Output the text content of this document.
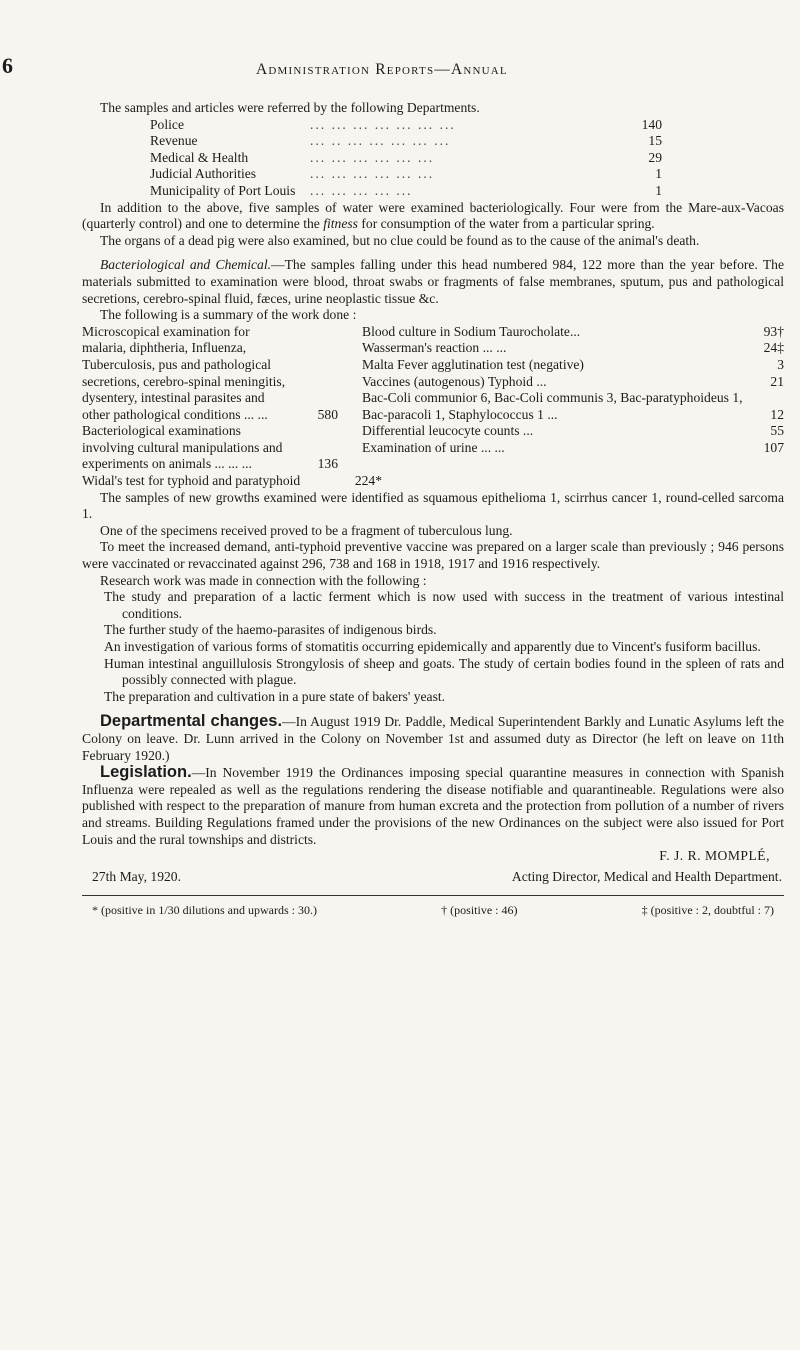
6	Administration Reports—Annual

The samples and articles were referred by the following Departments.

Police	... ... ... ... ... ... ...	140
Revenue	... .. ... ... ... ... ...	15
Medical & Health	... ... ... ... ... ...	29
Judicial Authorities	... ... ... ... ... ...	1
Municipality of Port Louis	... ... ... ... ...	1

In addition to the above, five samples of water were examined bacteriologically. Four were from the Mare-aux-Vacoas (quarterly control) and one to determine the fitness for consumption of the water from a particular spring.

The organs of a dead pig were also examined, but no clue could be found as to the cause of the animal's death.

Bacteriological and Chemical.—The samples falling under this head numbered 984, 122 more than the year before. The materials submitted to examination were blood, throat swabs or fragments of false membranes, sputum, pus and pathological secretions, cerebro-spinal fluid, fæces, urine neoplastic tissue &c.

The following is a summary of the work done :
Microscopical examination for malaria, diphtheria, Influenza, Tuberculosis, pus and pathological secretions, cerebro-spinal meningitis, dysentery, intestinal parasites and other pathological conditions ... ...	580
Bacteriological examinations involving cultural manipulations and experiments on animals ... ... ...	136
Widal's test for typhoid and paratyphoid	224*
Blood culture in Sodium Taurocholate...	93†
Wasserman's reaction ... ...	24‡
Malta Fever agglutination test (negative)	3
Vaccines (autogenous) Typhoid ...	21
Bac-Coli communior 6, Bac-Coli communis 3, Bac-paratyphoideus 1, Bac-paracoli 1, Staphylococcus 1 ...	12
Differential leucocyte counts ...	55
Examination of urine ... ...	107

The samples of new growths examined were identified as squamous epithelioma 1, scirrhus cancer 1, round-celled sarcoma 1.

One of the specimens received proved to be a fragment of tuberculous lung.

To meet the increased demand, anti-typhoid preventive vaccine was prepared on a larger scale than previously ; 946 persons were vaccinated or revaccinated against 296, 738 and 168 in 1918, 1917 and 1916 respectively.

Research work was made in connection with the following :

The study and preparation of a lactic ferment which is now used with success in the treatment of various intestinal conditions.

The further study of the haemo-parasites of indigenous birds.

An investigation of various forms of stomatitis occurring epidemically and apparently due to Vincent's fusiform bacillus.

Human intestinal anguillulosis Strongylosis of sheep and goats. The study of certain bodies found in the spleen of rats and possibly connected with plague.

The preparation and cultivation in a pure state of bakers' yeast.

Departmental changes.—In August 1919 Dr. Paddle, Medical Superintendent Barkly and Lunatic Asylums left the Colony on leave. Dr. Lunn arrived in the Colony on November 1st and assumed duty as Director (he left on leave on 11th February 1920.)

Legislation.—In November 1919 the Ordinances imposing special quarantine measures in connection with Spanish Influenza were repealed as well as the regulations rendering the disease notifiable and quarantineable. Regulations were also published with respect to the preparation of manure from human excreta and the protection from pollution of a number of rivers and streams. Building Regulations framed under the provisions of the new Ordinances on the subject were also issued for Port Louis and the rural townships and districts.

F. J. R. MOMPLÉ,
27th May, 1920.	Acting Director, Medical and Health Department.
* (positive in 1/30 dilutions and upwards : 30.)	† (positive : 46)	‡ (positive : 2, doubtful : 7)
